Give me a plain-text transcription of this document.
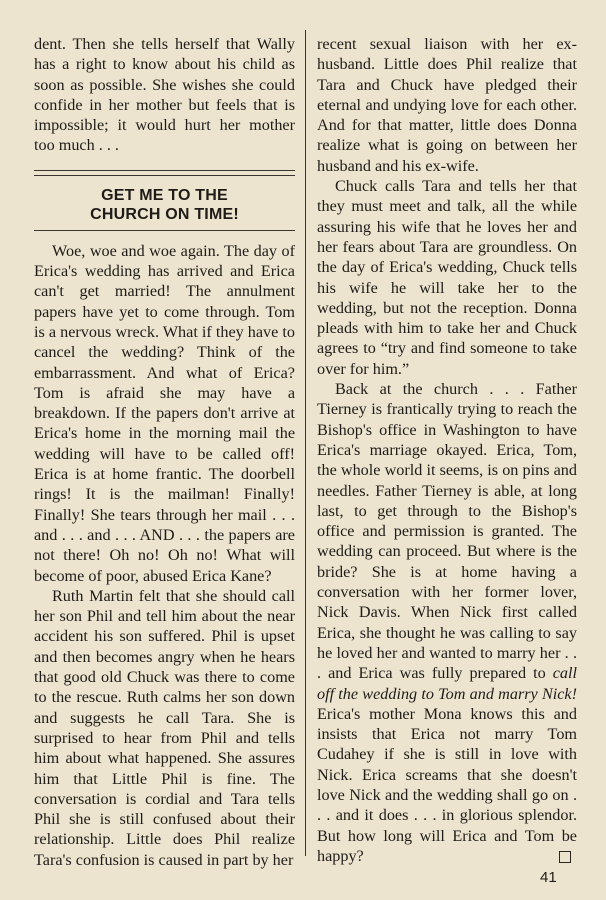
dent. Then she tells herself that Wally has a right to know about his child as soon as possible. She wishes she could confide in her mother but feels that is impossible; it would hurt her mother too much . . .

GET ME TO THE
CHURCH ON TIME!

Woe, woe and woe again. The day of Erica's wedding has arrived and Erica can't get married! The annulment papers have yet to come through. Tom is a nervous wreck. What if they have to cancel the wedding? Think of the embarrassment. And what of Erica? Tom is afraid she may have a breakdown. If the papers don't arrive at Erica's home in the morning mail the wedding will have to be called off! Erica is at home frantic. The doorbell rings! It is the mailman! Finally! Finally! She tears through her mail . . . and . . . and . . . AND . . . the papers are not there! Oh no! Oh no! What will become of poor, abused Erica Kane?

Ruth Martin felt that she should call her son Phil and tell him about the near accident his son suffered. Phil is upset and then becomes angry when he hears that good old Chuck was there to come to the rescue. Ruth calms her son down and suggests he call Tara. She is surprised to hear from Phil and tells him about what happened. She assures him that Little Phil is fine. The conversation is cordial and Tara tells Phil she is still confused about their relationship. Little does Phil realize Tara's confusion is caused in part by her

recent sexual liaison with her ex-husband. Little does Phil realize that Tara and Chuck have pledged their eternal and undying love for each other. And for that matter, little does Donna realize what is going on between her husband and his ex-wife.

Chuck calls Tara and tells her that they must meet and talk, all the while assuring his wife that he loves her and her fears about Tara are groundless. On the day of Erica's wedding, Chuck tells his wife he will take her to the wedding, but not the reception. Donna pleads with him to take her and Chuck agrees to “try and find someone to take over for him.”

Back at the church . . . Father Tierney is frantically trying to reach the Bishop's office in Washington to have Erica's marriage okayed. Erica, Tom, the whole world it seems, is on pins and needles. Father Tierney is able, at long last, to get through to the Bishop's office and permission is granted. The wedding can proceed. But where is the bride? She is at home having a conversation with her former lover, Nick Davis. When Nick first called Erica, she thought he was calling to say he loved her and wanted to marry her . . . and Erica was fully prepared to call off the wedding to Tom and marry Nick! Erica's mother Mona knows this and insists that Erica not marry Tom Cudahey if she is still in love with Nick. Erica screams that she doesn't love Nick and the wedding shall go on . . . and it does . . . in glorious splendor. But how long will Erica and Tom be happy?

41
